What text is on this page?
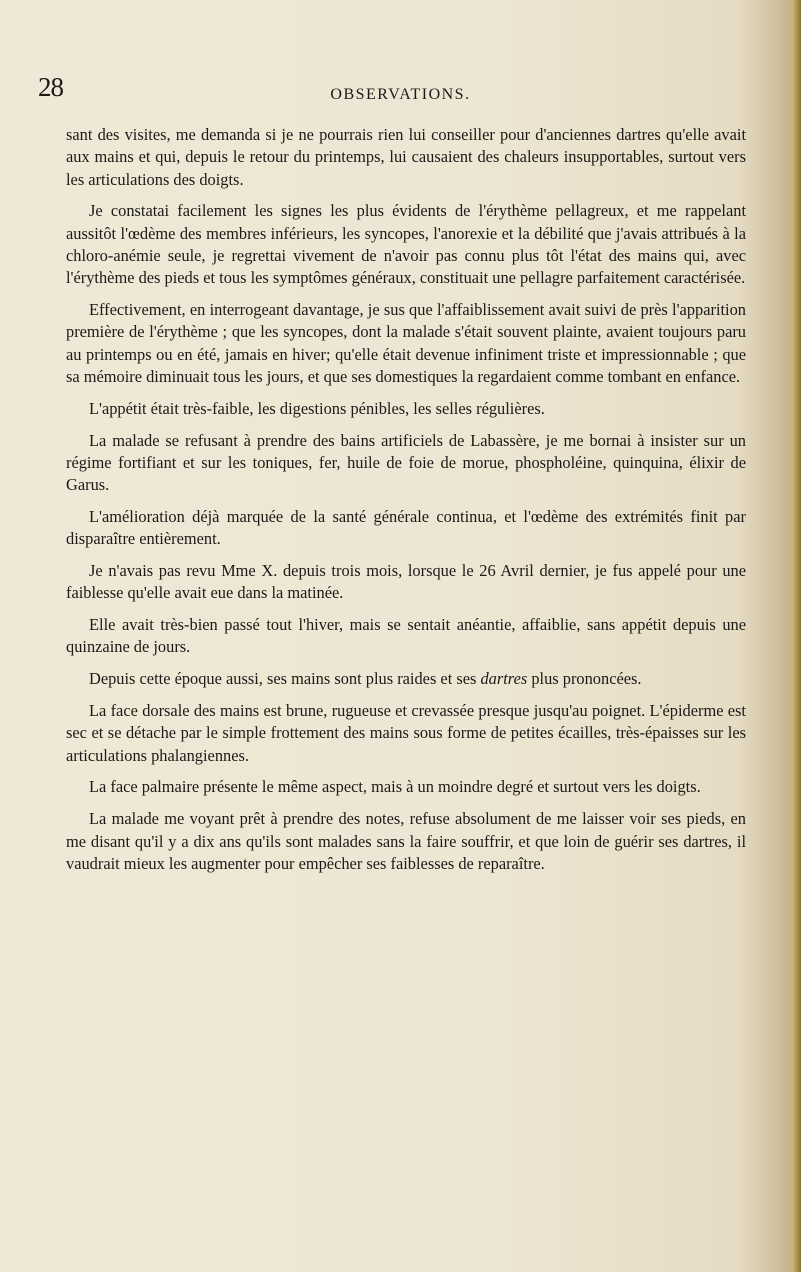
28	OBSERVATIONS.

sant des visites, me demanda si je ne pourrais rien lui conseiller pour d'anciennes dartres qu'elle avait aux mains et qui, depuis le retour du printemps, lui causaient des chaleurs insupportables, surtout vers les articulations des doigts.

Je constatai facilement les signes les plus évidents de l'érythème pellagreux, et me rappelant aussitôt l'œdème des membres inférieurs, les syncopes, l'anorexie et la débilité que j'avais attribués à la chloro-anémie seule, je regrettai vivement de n'avoir pas connu plus tôt l'état des mains qui, avec l'érythème des pieds et tous les symptômes généraux, constituait une pellagre parfaitement caractérisée.

Effectivement, en interrogeant davantage, je sus que l'affaiblissement avait suivi de près l'apparition première de l'érythème ; que les syncopes, dont la malade s'était souvent plainte, avaient toujours paru au printemps ou en été, jamais en hiver; qu'elle était devenue infiniment triste et impressionnable ; que sa mémoire diminuait tous les jours, et que ses domestiques la regardaient comme tombant en enfance.

L'appétit était très-faible, les digestions pénibles, les selles régulières.

La malade se refusant à prendre des bains artificiels de Labassère, je me bornai à insister sur un régime fortifiant et sur les toniques, fer, huile de foie de morue, phospholéine, quinquina, élixir de Garus.

L'amélioration déjà marquée de la santé générale continua, et l'œdème des extrémités finit par disparaître entièrement.

Je n'avais pas revu Mme X. depuis trois mois, lorsque le 26 Avril dernier, je fus appelé pour une faiblesse qu'elle avait eue dans la matinée.

Elle avait très-bien passé tout l'hiver, mais se sentait anéantie, affaiblie, sans appétit depuis une quinzaine de jours.

Depuis cette époque aussi, ses mains sont plus raides et ses dartres plus prononcées.

La face dorsale des mains est brune, rugueuse et crevassée presque jusqu'au poignet. L'épiderme est sec et se détache par le simple frottement des mains sous forme de petites écailles, très-épaisses sur les articulations phalangiennes.

La face palmaire présente le même aspect, mais à un moindre degré et surtout vers les doigts.

La malade me voyant prêt à prendre des notes, refuse absolument de me laisser voir ses pieds, en me disant qu'il y a dix ans qu'ils sont malades sans la faire souffrir, et que loin de guérir ses dartres, il vaudrait mieux les augmenter pour empêcher ses faiblesses de reparaître.
